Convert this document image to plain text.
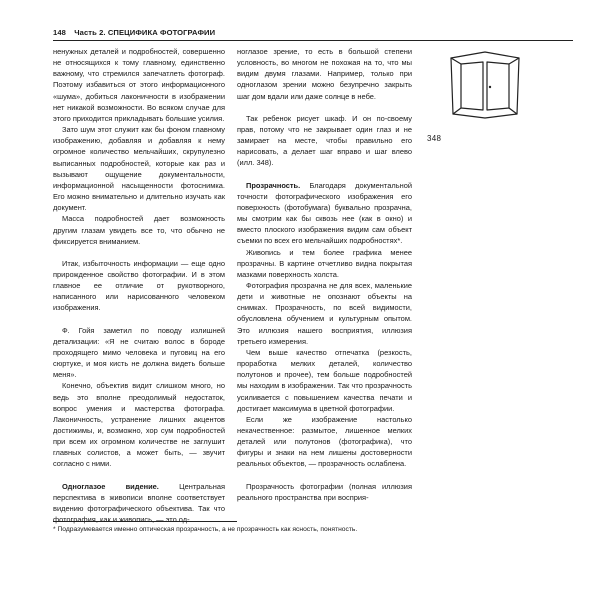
148 Часть 2. СПЕЦИФИКА ФОТОГРАФИИ

ненужных деталей и подробностей, совершенно не относящихся к тому главному, единственно важному, что стремился запечатлеть фотограф. Поэтому избавиться от этого информационного «шума», добиться лаконичности в изображении нет никакой возможности. Во всяком случае для этого приходится прикладывать большие усилия.

Зато шум этот служит как бы фоном главному изображению, добавляя и добавляя к нему огромное количество мельчайших, скрупулезно выписанных подробностей, которые как раз и вызывают ощущение документальности, информационной насыщенности фотоснимка. Его можно внимательно и длительно изучать как документ.

Масса подробностей дает возможность другим глазам увидеть все то, что обычно не фиксируется вниманием.

Итак, избыточность информации — еще одно прирожденное свойство фотографии. И в этом главное ее отличие от рукотворного, написанного или нарисованного человеком изображения.

Ф. Гойя заметил по поводу излишней детализации: «Я не считаю волос в бороде проходящего мимо человека и пуговиц на его сюртуке, и моя кисть не должна видеть больше меня».

Конечно, объектив видит слишком много, но ведь это вполне преодолимый недостаток, вопрос умения и мастерства фотографа. Лаконичность, устранение лишних акцентов достижимы, и, возможно, хор сум подробностей при всем их огромном количестве не заглушит главных солистов, а может быть, — звучит согласно с ними.

Одноглазое видение.	Центральная перспектива в живописи вполне соответствует видению фотографического объектива. Так что фотография, как и живопись, — это од-

ноглазое зрение, то есть в большой степени условность, во многом не похожая на то, что мы видим двумя глазами. Например, только при одноглазом зрении можно безупречно закрыть шаг дом вдали или даже солнце в небе.

Так ребенок рисует шкаф. И он по-своему прав, потому что не закрывает один глаз и не замирает на месте, чтобы правильно его нарисовать, а делает шаг вправо и шаг влево (илл. 348).

Прозрачность. Благодаря документальной точности фотографического изображения его поверхность (фотобумага) буквально прозрачна, мы смотрим как бы сквозь нее (как в окно) и вместо плоского изображения видим сам объект съемки по всех его мельчайших подробностях*.

Живопись и тем более графика менее прозрачны. В картине отчетливо видна покрытая мазками поверхность холста.

Фотография прозрачна не для всех, маленькие дети и животные не опознают объекты на снимках. Прозрачность, по всей видимости, обусловлена обучением и культурным опытом. Это иллюзия нашего восприятия, иллюзия третьего измерения.

Чем выше качество отпечатка (резкость, проработка мелких деталей, количество полутонов и прочее), тем больше подробностей мы находим в изображении. Так что прозрачность усиливается с повышением качества печати и достигает максимума в цветной фотографии.

Если же изображение настолько некачественное: размытое, лишенное мелких деталей или полутонов (фотографика), что фигуры и знаки на нем лишены достоверности реальных объектов, — прозрачность ослаблена.

Прозрачность фотографии (полная иллюзия реального пространства при восприя-

348
* Подразумевается именно оптическая прозрачность, а не прозрачность как ясность, понятность.
